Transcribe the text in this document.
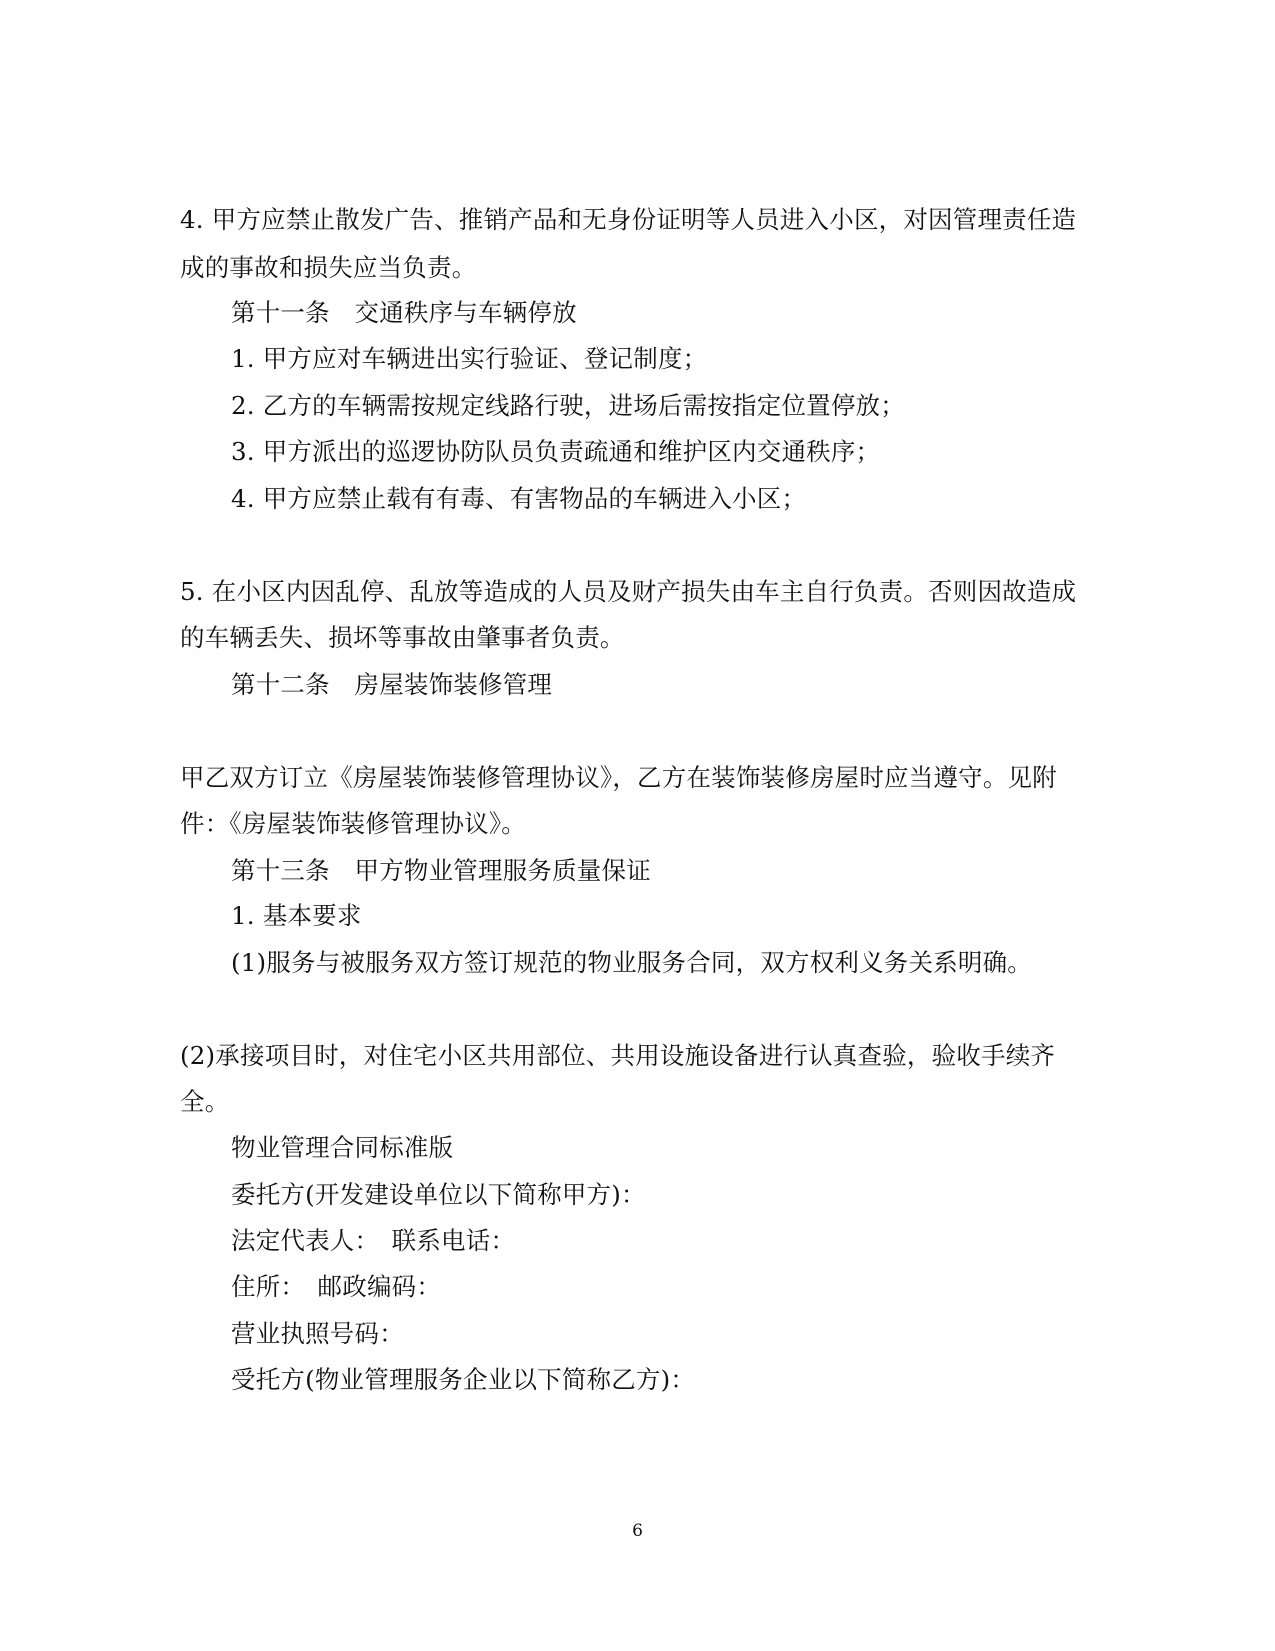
4. 甲方应禁止散发广告、推销产品和无身份证明等人员进入小区，对因管理责任造
成的事故和损失应当负责。
第十一条　交通秩序与车辆停放
1. 甲方应对车辆进出实行验证、登记制度；
2. 乙方的车辆需按规定线路行驶，进场后需按指定位置停放；
3. 甲方派出的巡逻协防队员负责疏通和维护区内交通秩序；
4. 甲方应禁止载有有毒、有害物品的车辆进入小区；
5. 在小区内因乱停、乱放等造成的人员及财产损失由车主自行负责。否则因故造成
的车辆丢失、损坏等事故由肇事者负责。
第十二条　房屋装饰装修管理
甲乙双方订立《房屋装饰装修管理协议》，乙方在装饰装修房屋时应当遵守。见附
件：《房屋装饰装修管理协议》。
第十三条　甲方物业管理服务质量保证
1. 基本要求
(1)服务与被服务双方签订规范的物业服务合同，双方权利义务关系明确。
(2)承接项目时，对住宅小区共用部位、共用设施设备进行认真查验，验收手续齐
全。
物业管理合同标准版
委托方(开发建设单位以下简称甲方)：
法定代表人：　联系电话：
住所：　邮政编码：
营业执照号码：
受托方(物业管理服务企业以下简称乙方)：
6
